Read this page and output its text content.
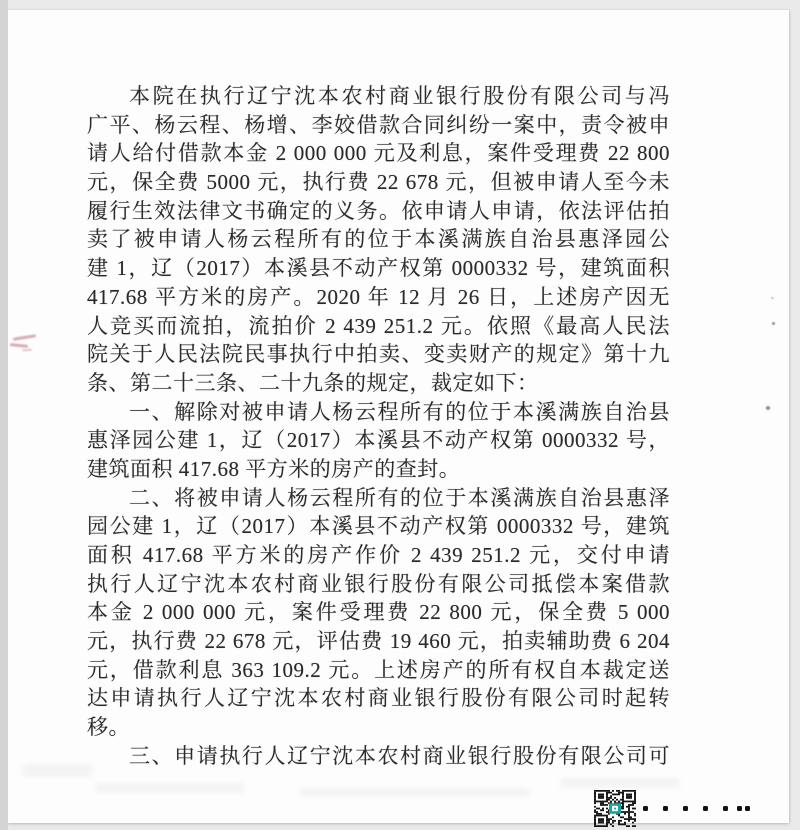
本院在执行辽宁沈本农村商业银行股份有限公司与冯
广平、杨云程、杨增、李姣借款合同纠纷一案中，责令被申
请人给付借款本金 2 000 000 元及利息，案件受理费 22 800
元，保全费 5000 元，执行费 22 678 元，但被申请人至今未
履行生效法律文书确定的义务。依申请人申请，依法评估拍
卖了被申请人杨云程所有的位于本溪满族自治县惠泽园公
建 1，辽（2017）本溪县不动产权第 0000332 号，建筑面积
417.68 平方米的房产。2020 年 12 月 26 日，上述房产因无
人竞买而流拍，流拍价 2 439 251.2 元。依照《最高人民法
院关于人民法院民事执行中拍卖、变卖财产的规定》第十九
条、第二十三条、二十九条的规定，裁定如下：
一、解除对被申请人杨云程所有的位于本溪满族自治县
惠泽园公建 1，辽（2017）本溪县不动产权第 0000332 号，
建筑面积 417.68 平方米的房产的查封。
二、将被申请人杨云程所有的位于本溪满族自治县惠泽
园公建 1，辽（2017）本溪县不动产权第 0000332 号，建筑
面积 417.68 平方米的房产作价 2 439 251.2 元，交付申请
执行人辽宁沈本农村商业银行股份有限公司抵偿本案借款
本金 2 000 000 元，案件受理费 22 800 元，保全费 5 000
元，执行费 22 678 元，评估费 19 460 元，拍卖辅助费 6 204
元，借款利息 363 109.2 元。上述房产的所有权自本裁定送
达申请执行人辽宁沈本农村商业银行股份有限公司时起转
移。
三、申请执行人辽宁沈本农村商业银行股份有限公司可
